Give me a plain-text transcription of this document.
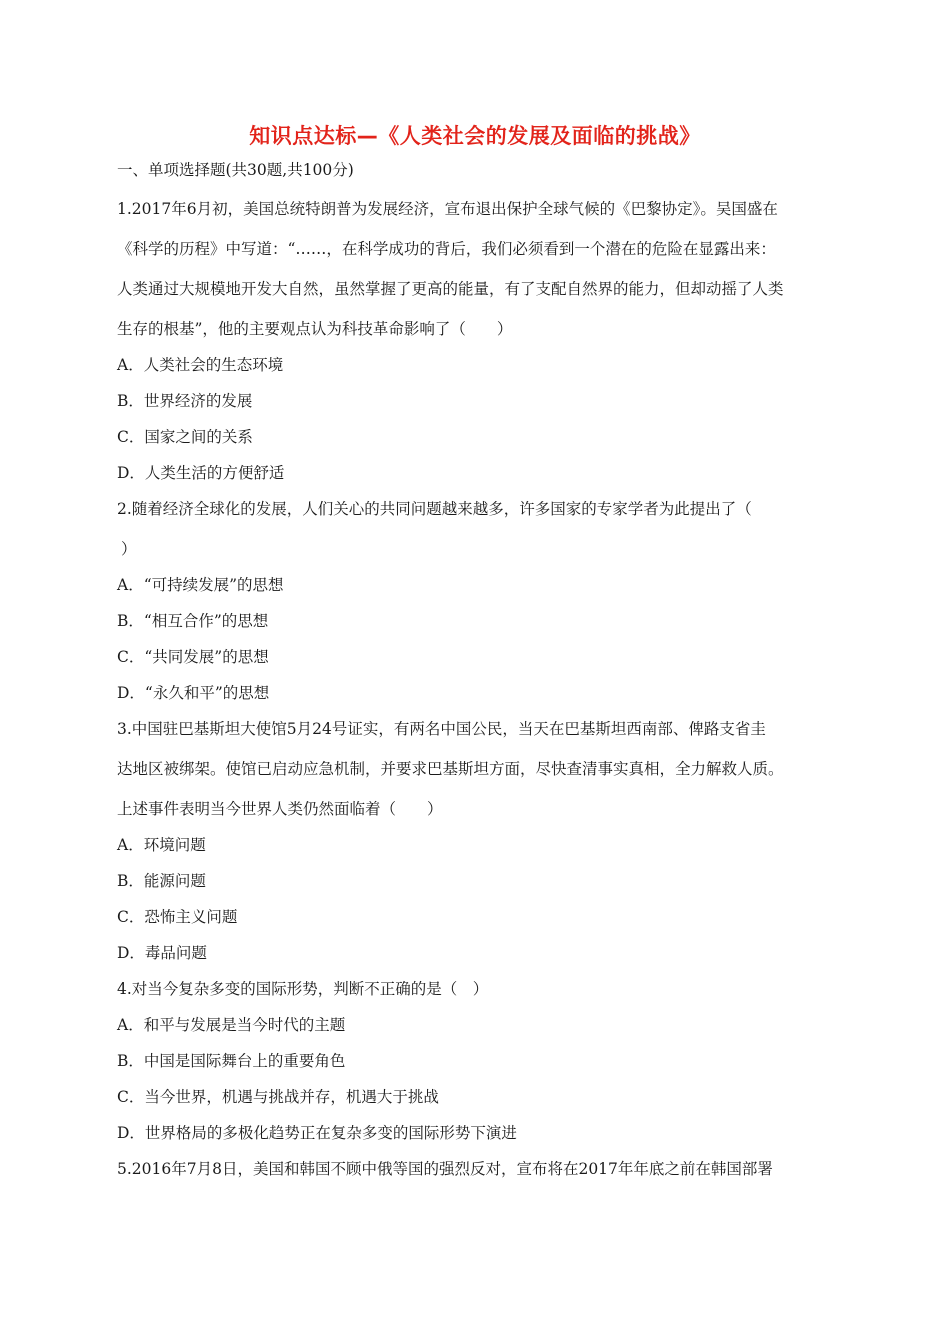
知识点达标—《人类社会的发展及面临的挑战》

一、单项选择题(共30题,共100分)

1.2017年6月初，美国总统特朗普为发展经济，宣布退出保护全球气候的《巴黎协定》。吴国盛在

《科学的历程》中写道：“……，在科学成功的背后，我们必须看到一个潜在的危险在显露出来：

人类通过大规模地开发大自然，虽然掌握了更高的能量，有了支配自然界的能力，但却动摇了人类

生存的根基”，他的主要观点认为科技革命影响了（　　）

A．人类社会的生态环境

B．世界经济的发展

C．国家之间的关系

D．人类生活的方便舒适

2.随着经济全球化的发展，人们关心的共同问题越来越多，许多国家的专家学者为此提出了（

）

A．“可持续发展”的思想

B．“相互合作”的思想

C．“共同发展”的思想

D．“永久和平”的思想

3.中国驻巴基斯坦大使馆5月24号证实，有两名中国公民，当天在巴基斯坦西南部、俾路支省圭

达地区被绑架。使馆已启动应急机制，并要求巴基斯坦方面，尽快查清事实真相，全力解救人质。

上述事件表明当今世界人类仍然面临着（　　）

A．环境问题

B．能源问题

C．恐怖主义问题

D．毒品问题

4.对当今复杂多变的国际形势，判断不正确的是（　）

A．和平与发展是当今时代的主题

B．中国是国际舞台上的重要角色

C．当今世界，机遇与挑战并存，机遇大于挑战

D．世界格局的多极化趋势正在复杂多变的国际形势下演进

5.2016年7月8日，美国和韩国不顾中俄等国的强烈反对，宣布将在2017年年底之前在韩国部署
